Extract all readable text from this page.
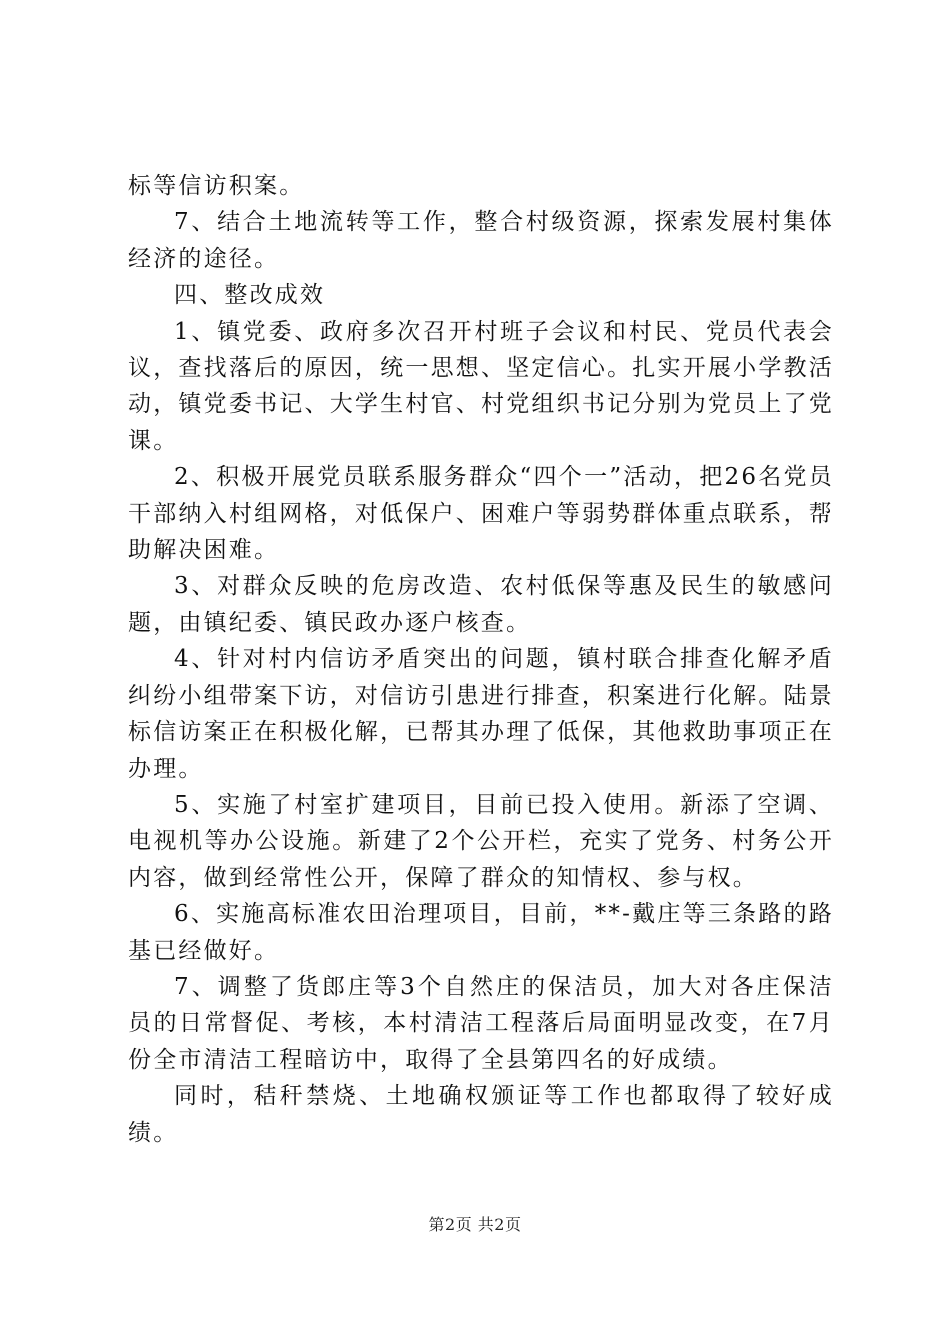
标等信访积案。

7、结合土地流转等工作，整合村级资源，探索发展村集体经济的途径。

四、整改成效

1、镇党委、政府多次召开村班子会议和村民、党员代表会议，查找落后的原因，统一思想、坚定信心。扎实开展小学教活动，镇党委书记、大学生村官、村党组织书记分别为党员上了党课。

2、积极开展党员联系服务群众“四个一”活动，把26名党员干部纳入村组网格，对低保户、困难户等弱势群体重点联系，帮助解决困难。

3、对群众反映的危房改造、农村低保等惠及民生的敏感问题，由镇纪委、镇民政办逐户核查。

4、针对村内信访矛盾突出的问题，镇村联合排查化解矛盾纠纷小组带案下访，对信访引患进行排查，积案进行化解。陆景标信访案正在积极化解，已帮其办理了低保，其他救助事项正在办理。

5、实施了村室扩建项目，目前已投入使用。新添了空调、电视机等办公设施。新建了2个公开栏，充实了党务、村务公开内容，做到经常性公开，保障了群众的知情权、参与权。

6、实施高标准农田治理项目，目前，**-戴庄等三条路的路基已经做好。

7、调整了货郎庄等3个自然庄的保洁员，加大对各庄保洁员的日常督促、考核，本村清洁工程落后局面明显改变，在7月份全市清洁工程暗访中，取得了全县第四名的好成绩。

同时，秸秆禁烧、土地确权颁证等工作也都取得了较好成绩。

第2页 共2页
